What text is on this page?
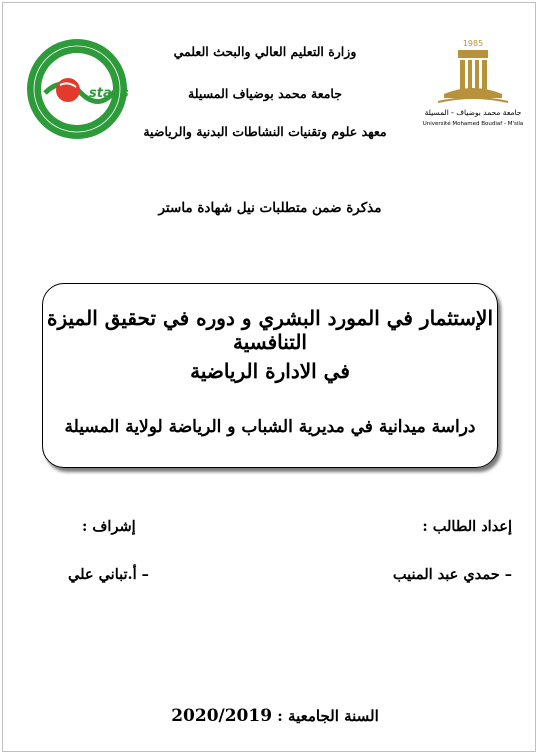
staps
1985
جامعة محمد بوضياف - المسيلة
Université Mohamed Boudiaf - M'sila
وزارة التعليم العالي والبحث العلمي
جامعة محمد بوضياف المسيلة
معهد علوم وتقنيات النشاطات البدنية والرياضية
مذكرة ضمن متطلبات نيل شهادة ماستر
الإستثمار في المورد البشري و دوره في تحقيق الميزة التنافسية
في الادارة الرياضية
دراسة ميدانية في مديرية الشباب و الرياضة لولاية المسيلة
إعداد الطالب :
إشراف :
– حمدي عبد المنيب
– أ.تباني علي
السنة الجامعية : 2020/2019
